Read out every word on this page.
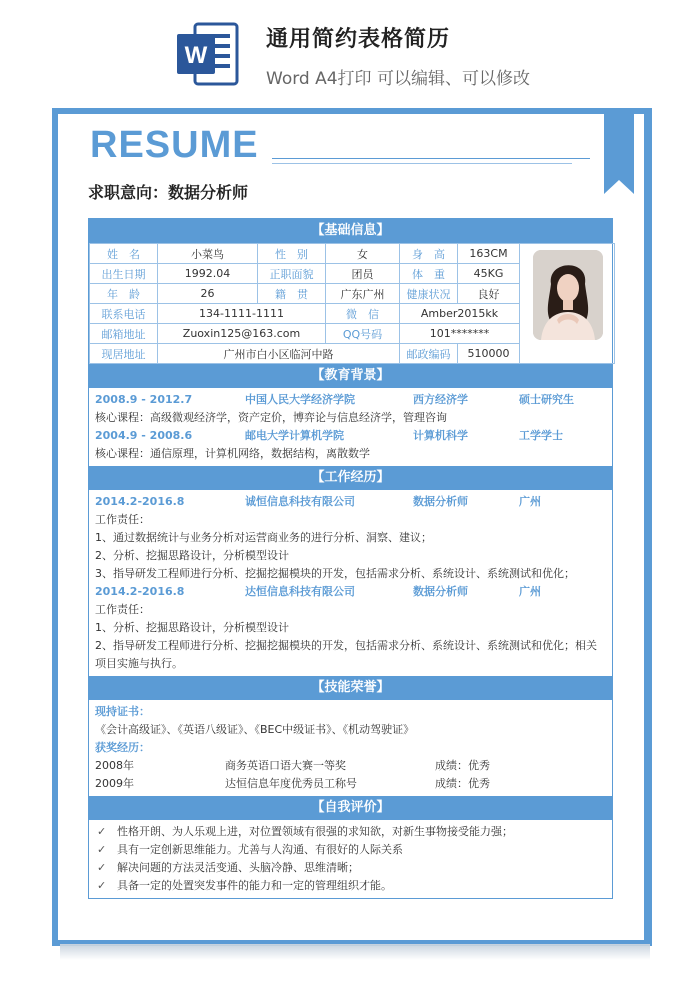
W
通用简约表格简历
Word A4打印 可以编辑、可以修改
RESUME
求职意向：数据分析师
【基础信息】
姓　名	小菜鸟	性　别	女	身　高	163CM	

出生日期	1992.04	正职面貌	团员	体　重	45KG	
年　龄	26	籍　贯	广东广州	健康状况	良好	
联系电话	134-1111-1111		微　信	Amber2015kk		
邮箱地址	Zuoxin125@163.com		QQ号码	101*******		
现居地址	广州市白小区临河中路			邮政编码	510000	
【教育背景】
2008.9 - 2012.7	中国人民大学经济学院	西方经济学	硕士研究生
核心课程：高级微观经济学，资产定价，博弈论与信息经济学，管理咨询
2004.9 - 2008.6	邮电大学计算机学院	计算机科学	工学学士
核心课程：通信原理，计算机网络，数据结构，离散数学
【工作经历】
2014.2-2016.8	诚恒信息科技有限公司	数据分析师	广州
工作责任：
1、通过数据统计与业务分析对运营商业务的进行分析、洞察、建议；
2、分析、挖掘思路设计，分析模型设计
3、指导研发工程师进行分析、挖掘挖掘模块的开发，包括需求分析、系统设计、系统测试和优化；
2014.2-2016.8	达恒信息科技有限公司	数据分析师	广州
工作责任：
1、分析、挖掘思路设计，分析模型设计
2、指导研发工程师进行分析、挖掘挖掘模块的开发，包括需求分析、系统设计、系统测试和优化；相关项目实施与执行。
【技能荣誉】
现持证书：
《会计高级证》、《英语八级证》、《BEC中级证书》、《机动驾驶证》
获奖经历：
2008年	商务英语口语大赛一等奖	成绩：优秀
2009年	达恒信息年度优秀员工称号	成绩：优秀
【自我评价】
✓ 性格开朗、为人乐观上进，对位置领域有很强的求知欲，对新生事物接受能力强；
✓ 具有一定创新思维能力。尤善与人沟通、有很好的人际关系
✓ 解决问题的方法灵活变通、头脑冷静、思维清晰；
✓ 具备一定的处置突发事件的能力和一定的管理组织才能。
